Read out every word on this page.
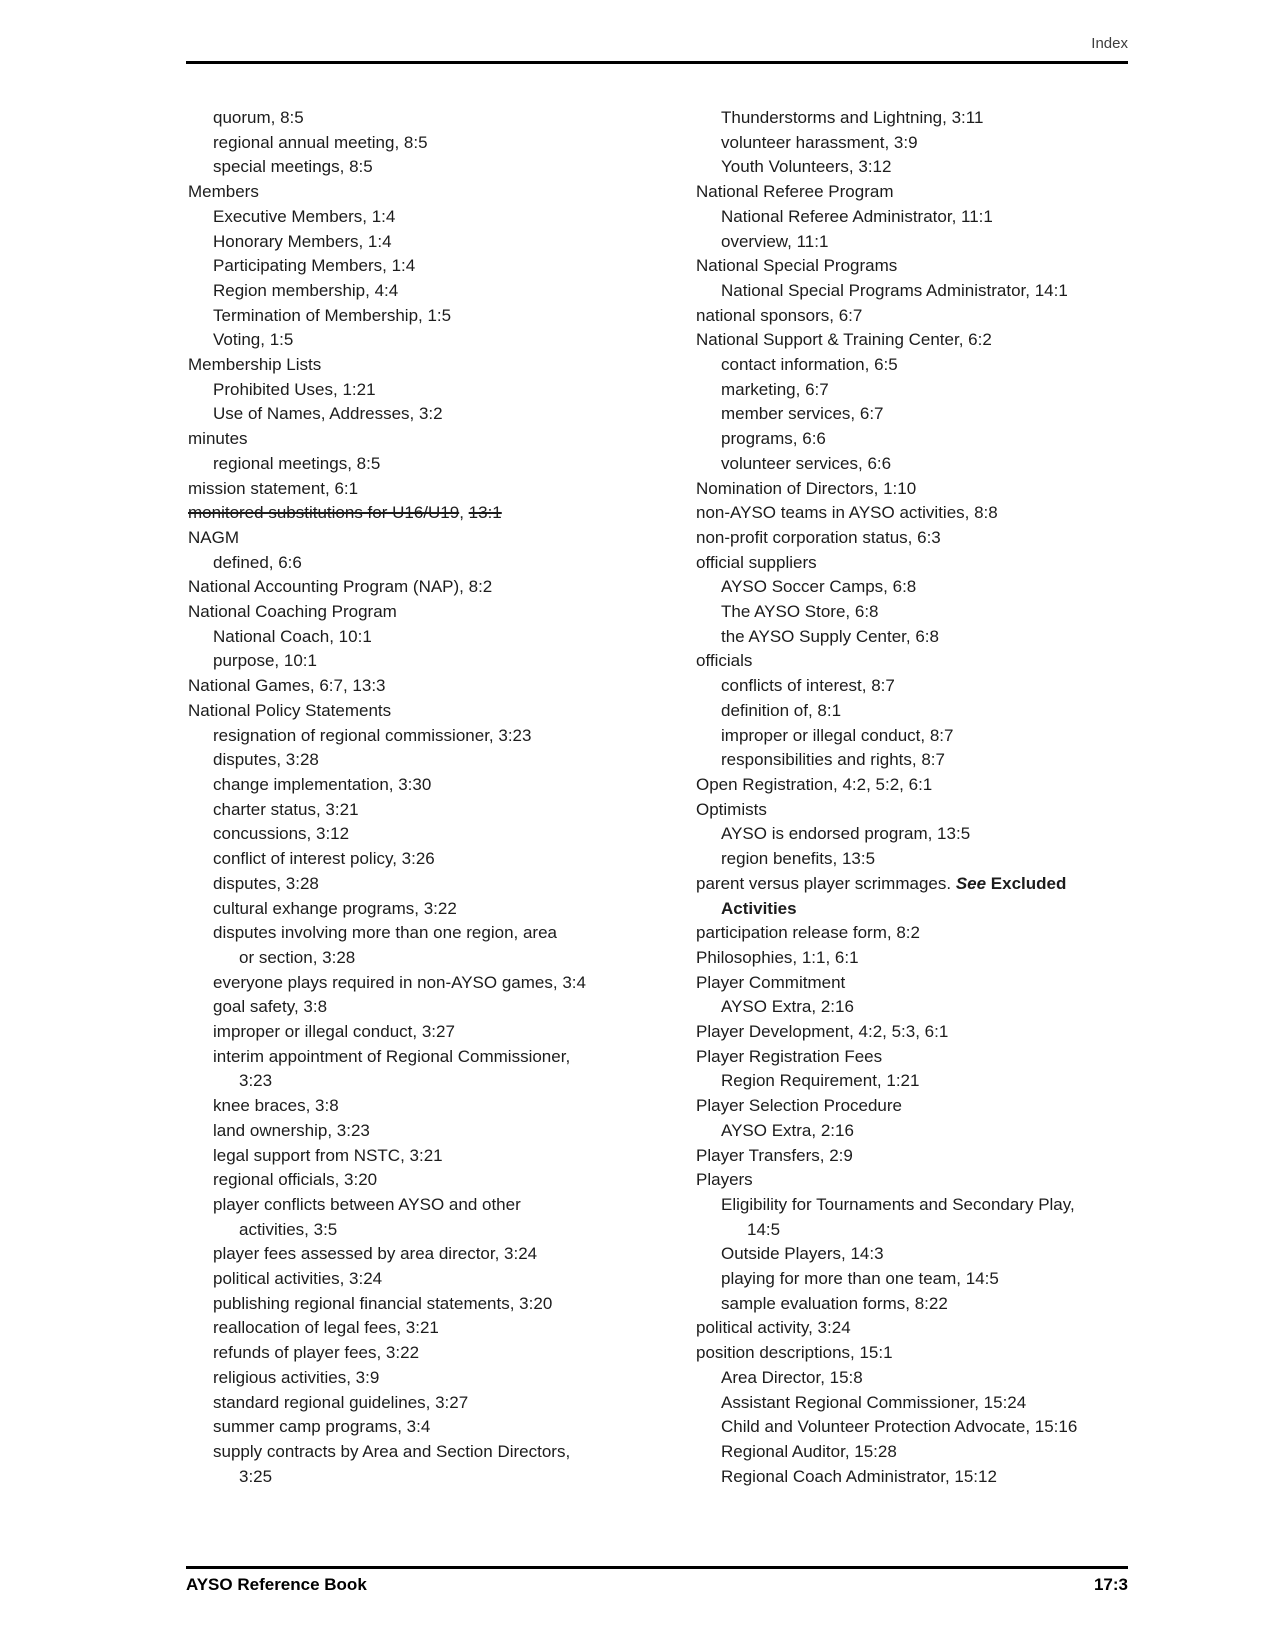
Index
quorum, 8:5
regional annual meeting, 8:5
special meetings, 8:5
Members
Executive Members, 1:4
Honorary Members, 1:4
Participating Members, 1:4
Region membership, 4:4
Termination of Membership, 1:5
Voting, 1:5
Membership Lists
Prohibited Uses, 1:21
Use of Names, Addresses, 3:2
minutes
regional meetings, 8:5
mission statement, 6:1
monitored substitutions for U16/U19, 13:1
NAGM
defined, 6:6
National Accounting Program (NAP), 8:2
National Coaching Program
National Coach, 10:1
purpose, 10:1
National Games, 6:7, 13:3
National Policy Statements
resignation of regional commissioner, 3:23
disputes, 3:28
change implementation, 3:30
charter status, 3:21
concussions, 3:12
conflict of interest policy, 3:26
disputes, 3:28
cultural exhange programs, 3:22
disputes involving more than one region, area
or section, 3:28
everyone plays required in non-AYSO games, 3:4
goal safety, 3:8
improper or illegal conduct, 3:27
interim appointment of Regional Commissioner,
3:23
knee braces, 3:8
land ownership, 3:23
legal support from NSTC, 3:21
regional officials, 3:20
player conflicts between AYSO and other
activities, 3:5
player fees assessed by area director, 3:24
political activities, 3:24
publishing regional financial statements, 3:20
reallocation of legal fees, 3:21
refunds of player fees, 3:22
religious activities, 3:9
standard regional guidelines, 3:27
summer camp programs, 3:4
supply contracts by Area and Section Directors,
3:25
Thunderstorms and Lightning, 3:11
volunteer harassment, 3:9
Youth Volunteers, 3:12
National Referee Program
National Referee Administrator, 11:1
overview, 11:1
National Special Programs
National Special Programs Administrator, 14:1
national sponsors, 6:7
National Support & Training Center, 6:2
contact information, 6:5
marketing, 6:7
member services, 6:7
programs, 6:6
volunteer services, 6:6
Nomination of Directors, 1:10
non-AYSO teams in AYSO activities, 8:8
non-profit corporation status, 6:3
official suppliers
AYSO Soccer Camps, 6:8
The AYSO Store, 6:8
the AYSO Supply Center, 6:8
officials
conflicts of interest, 8:7
definition of, 8:1
improper or illegal conduct, 8:7
responsibilities and rights, 8:7
Open Registration, 4:2, 5:2, 6:1
Optimists
AYSO is endorsed program, 13:5
region benefits, 13:5
parent versus player scrimmages. See Excluded
Activities
participation release form, 8:2
Philosophies, 1:1, 6:1
Player Commitment
AYSO Extra, 2:16
Player Development, 4:2, 5:3, 6:1
Player Registration Fees
Region Requirement, 1:21
Player Selection Procedure
AYSO Extra, 2:16
Player Transfers, 2:9
Players
Eligibility for Tournaments and Secondary Play,
14:5
Outside Players, 14:3
playing for more than one team, 14:5
sample evaluation forms, 8:22
political activity, 3:24
position descriptions, 15:1
Area Director, 15:8
Assistant Regional Commissioner, 15:24
Child and Volunteer Protection Advocate, 15:16
Regional Auditor, 15:28
Regional Coach Administrator, 15:12
AYSO Reference Book	17:3
